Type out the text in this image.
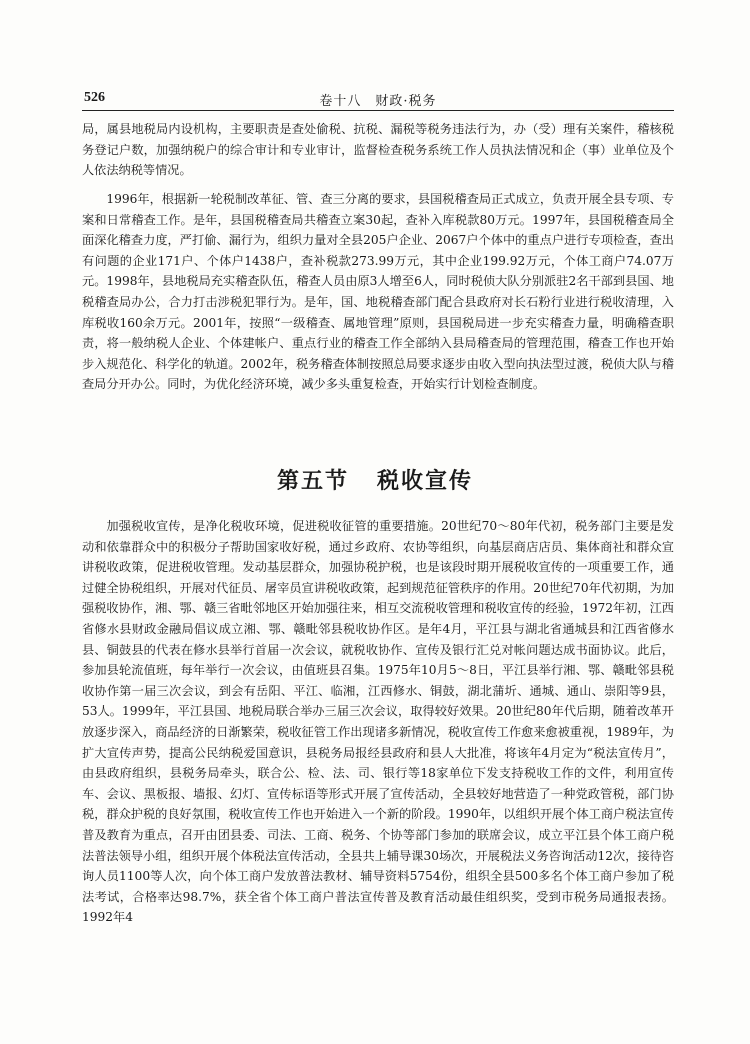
526	卷十八　财政·税务

局，属县地税局内设机构，主要职责是查处偷税、抗税、漏税等税务违法行为，办（受）理有关案件，稽核税务登记户数，加强纳税户的综合审计和专业审计，监督检查税务系统工作人员执法情况和企（事）业单位及个人依法纳税等情况。

1996年，根据新一轮税制改革征、管、查三分离的要求，县国税稽查局正式成立，负责开展全县专项、专案和日常稽查工作。是年，县国税稽查局共稽查立案30起，查补入库税款80万元。1997年，县国税稽查局全面深化稽查力度，严打偷、漏行为，组织力量对全县205户企业、2067户个体中的重点户进行专项检查，查出有问题的企业171户、个体户1438户，查补税款273.99万元，其中企业199.92万元，个体工商户74.07万元。1998年，县地税局充实稽查队伍，稽查人员由原3人增至6人，同时税侦大队分别派驻2名干部到县国、地税稽查局办公，合力打击涉税犯罪行为。是年，国、地税稽查部门配合县政府对长石粉行业进行税收清理，入库税收160余万元。2001年，按照“一级稽查、属地管理”原则，县国税局进一步充实稽查力量，明确稽查职责，将一般纳税人企业、个体建帐户、重点行业的稽查工作全部纳入县局稽查局的管理范围，稽查工作也开始步入规范化、科学化的轨道。2002年，税务稽查体制按照总局要求逐步由收入型向执法型过渡，税侦大队与稽查局分开办公。同时，为优化经济环境，减少多头重复检查，开始实行计划检查制度。

第五节 税收宣传

加强税收宣传，是净化税收环境，促进税收征管的重要措施。20世纪70～80年代初，税务部门主要是发动和依靠群众中的积极分子帮助国家收好税，通过乡政府、农协等组织，向基层商店店员、集体商社和群众宣讲税收政策，促进税收管理。发动基层群众，加强协税护税，也是该段时期开展税收宣传的一项重要工作，通过健全协税组织，开展对代征员、屠宰员宣讲税收政策，起到规范征管秩序的作用。20世纪70年代初期，为加强税收协作，湘、鄂、赣三省毗邻地区开始加强往来，相互交流税收管理和税收宣传的经验，1972年初，江西省修水县财政金融局倡议成立湘、鄂、赣毗邻县税收协作区。是年4月，平江县与湖北省通城县和江西省修水县、铜鼓县的代表在修水县举行首届一次会议，就税收协作、宣传及银行汇兑对帐问题达成书面协议。此后，参加县轮流值班，每年举行一次会议，由值班县召集。1975年10月5～8日，平江县举行湘、鄂、赣毗邻县税收协作第一届三次会议，到会有岳阳、平江、临湘，江西修水、铜鼓，湖北蒲圻、通城、通山、崇阳等9县，53人。1999年，平江县国、地税局联合举办三届三次会议，取得较好效果。20世纪80年代后期，随着改革开放逐步深入，商品经济的日渐繁荣，税收征管工作出现诸多新情况，税收宣传工作愈来愈被重视，1989年，为扩大宣传声势，提高公民纳税爱国意识，县税务局报经县政府和县人大批准，将该年4月定为“税法宣传月”，由县政府组织，县税务局牵头，联合公、检、法、司、银行等18家单位下发支持税收工作的文件，利用宣传车、会议、黑板报、墙报、幻灯、宣传标语等形式开展了宣传活动，全县较好地营造了一种党政管税，部门协税，群众护税的良好氛围，税收宣传工作也开始进入一个新的阶段。1990年，以组织开展个体工商户税法宣传普及教育为重点，召开由团县委、司法、工商、税务、个协等部门参加的联席会议，成立平江县个体工商户税法普法领导小组，组织开展个体税法宣传活动，全县共上辅导课30场次，开展税法义务咨询活动12次，接待咨询人员1100等人次，向个体工商户发放普法教材、辅导资料5754份，组织全县500多名个体工商户参加了税法考试，合格率达98.7%，获全省个体工商户普法宣传普及教育活动最佳组织奖，受到市税务局通报表扬。1992年4
